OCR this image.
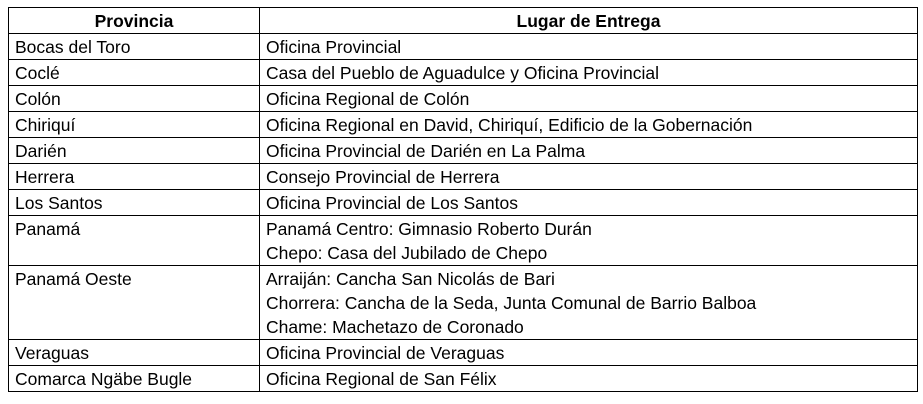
Provincia	Lugar de Entrega
Bocas del Toro	Oficina Provincial

Coclé	Casa del Pueblo de Aguadulce y Oficina Provincial

Colón	Oficina Regional de Colón

Chiriquí	Oficina Regional en David, Chiriquí, Edificio de la Gobernación

Darién	Oficina Provincial de Darién en La Palma

Herrera	Consejo Provincial de Herrera

Los Santos	Oficina Provincial de Los Santos

Panamá	Panamá Centro: Gimnasio Roberto Durán
Chepo: Casa del Jubilado de Chepo

Panamá Oeste	Arraiján: Cancha San Nicolás de Bari
Chorrera: Cancha de la Seda, Junta Comunal de Barrio Balboa
Chame: Machetazo de Coronado

Veraguas	Oficina Provincial de Veraguas

Comarca Ngäbe Bugle	Oficina Regional de San Félix
